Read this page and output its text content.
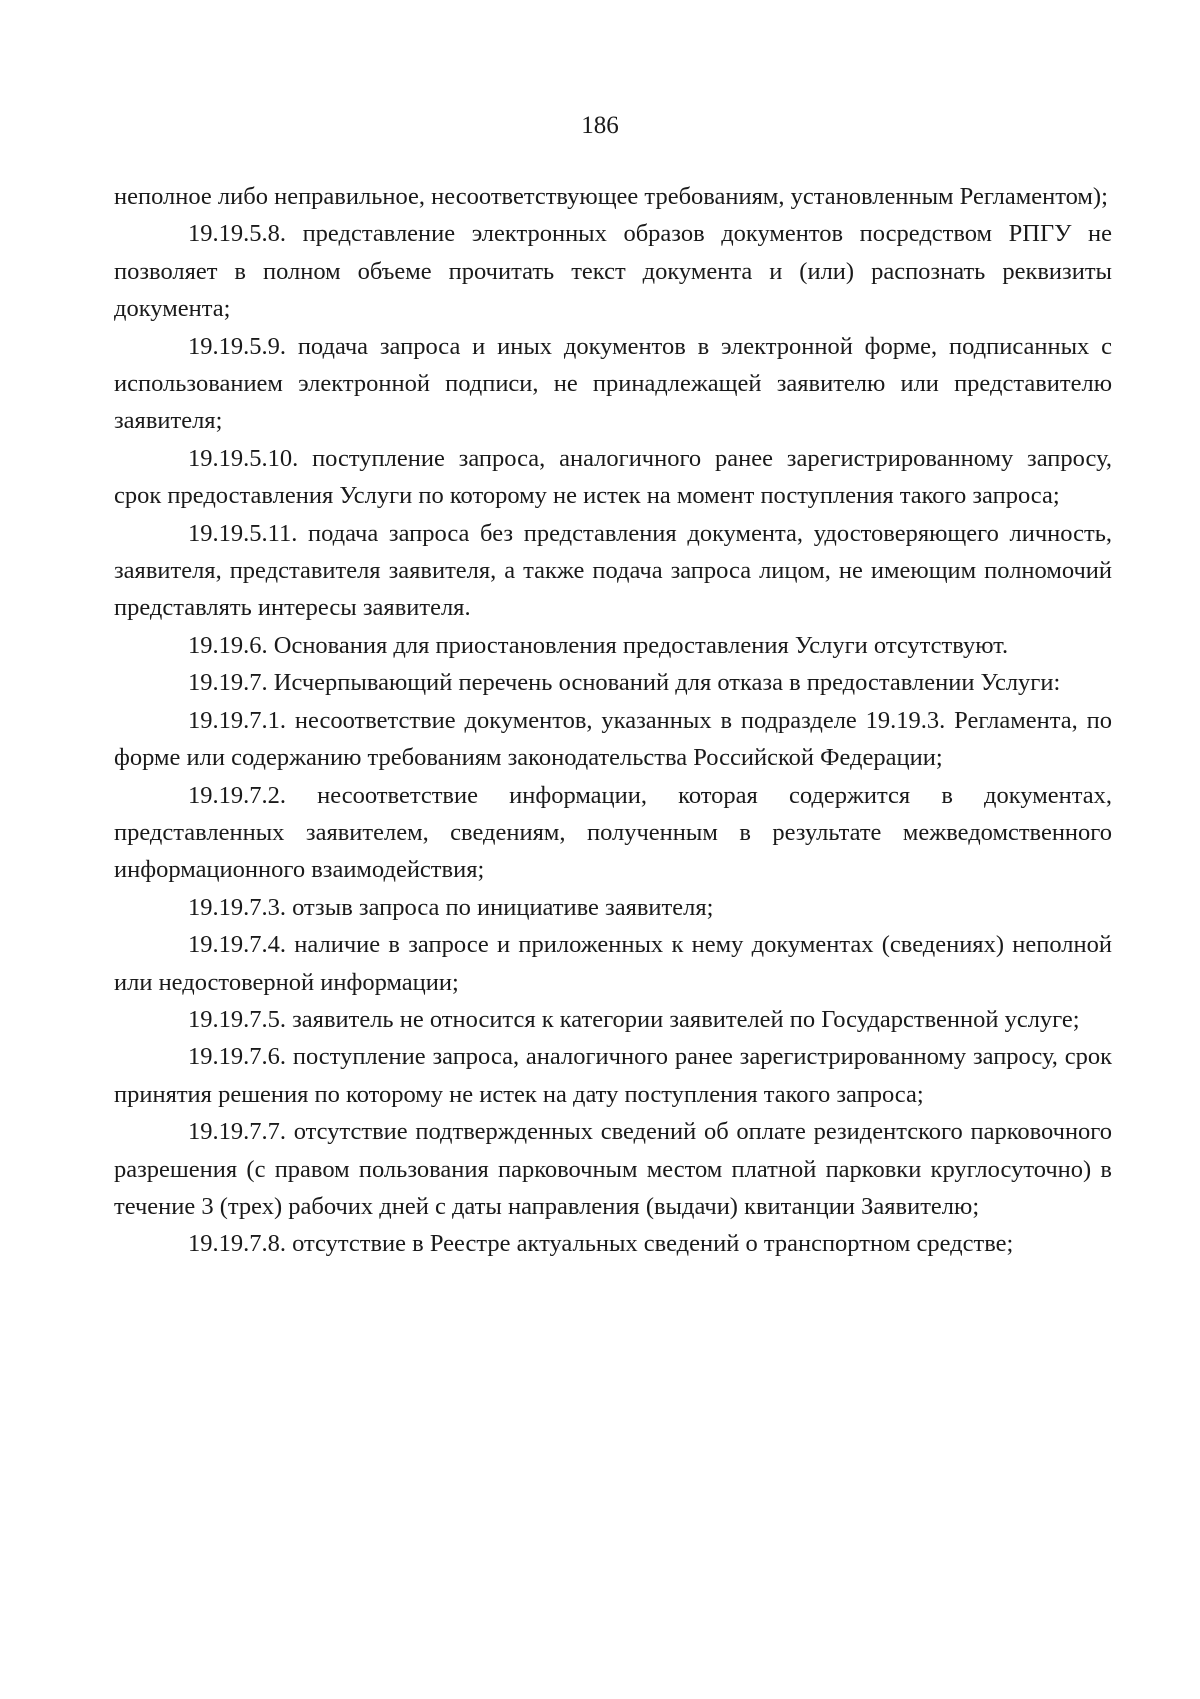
186

неполное либо неправильное, несоответствующее требованиям, установленным Регламентом);

19.19.5.8. представление электронных образов документов посредством РПГУ не позволяет в полном объеме прочитать текст документа и (или) распознать реквизиты документа;

19.19.5.9. подача запроса и иных документов в электронной форме, подписанных с использованием электронной подписи, не принадлежащей заявителю или представителю заявителя;

19.19.5.10. поступление запроса, аналогичного ранее зарегистрированному запросу, срок предоставления Услуги по которому не истек на момент поступления такого запроса;

19.19.5.11. подача запроса без представления документа, удостоверяющего личность, заявителя, представителя заявителя, а также подача запроса лицом, не имеющим полномочий представлять интересы заявителя.

19.19.6. Основания для приостановления предоставления Услуги отсутствуют.

19.19.7. Исчерпывающий перечень оснований для отказа в предоставлении Услуги:

19.19.7.1. несоответствие документов, указанных в подразделе 19.19.3. Регламента, по форме или содержанию требованиям законодательства Российской Федерации;

19.19.7.2. несоответствие информации, которая содержится в документах, представленных заявителем, сведениям, полученным в результате межведомственного информационного взаимодействия;

19.19.7.3. отзыв запроса по инициативе заявителя;

19.19.7.4. наличие в запросе и приложенных к нему документах (сведениях) неполной или недостоверной информации;

19.19.7.5. заявитель не относится к категории заявителей по Государственной услуге;

19.19.7.6. поступление запроса, аналогичного ранее зарегистрированному запросу, срок принятия решения по которому не истек на дату поступления такого запроса;

19.19.7.7. отсутствие подтвержденных сведений об оплате резидентского парковочного разрешения (с правом пользования парковочным местом платной парковки круглосуточно) в течение 3 (трех) рабочих дней с даты направления (выдачи) квитанции Заявителю;

19.19.7.8. отсутствие в Реестре актуальных сведений о транспортном средстве;
